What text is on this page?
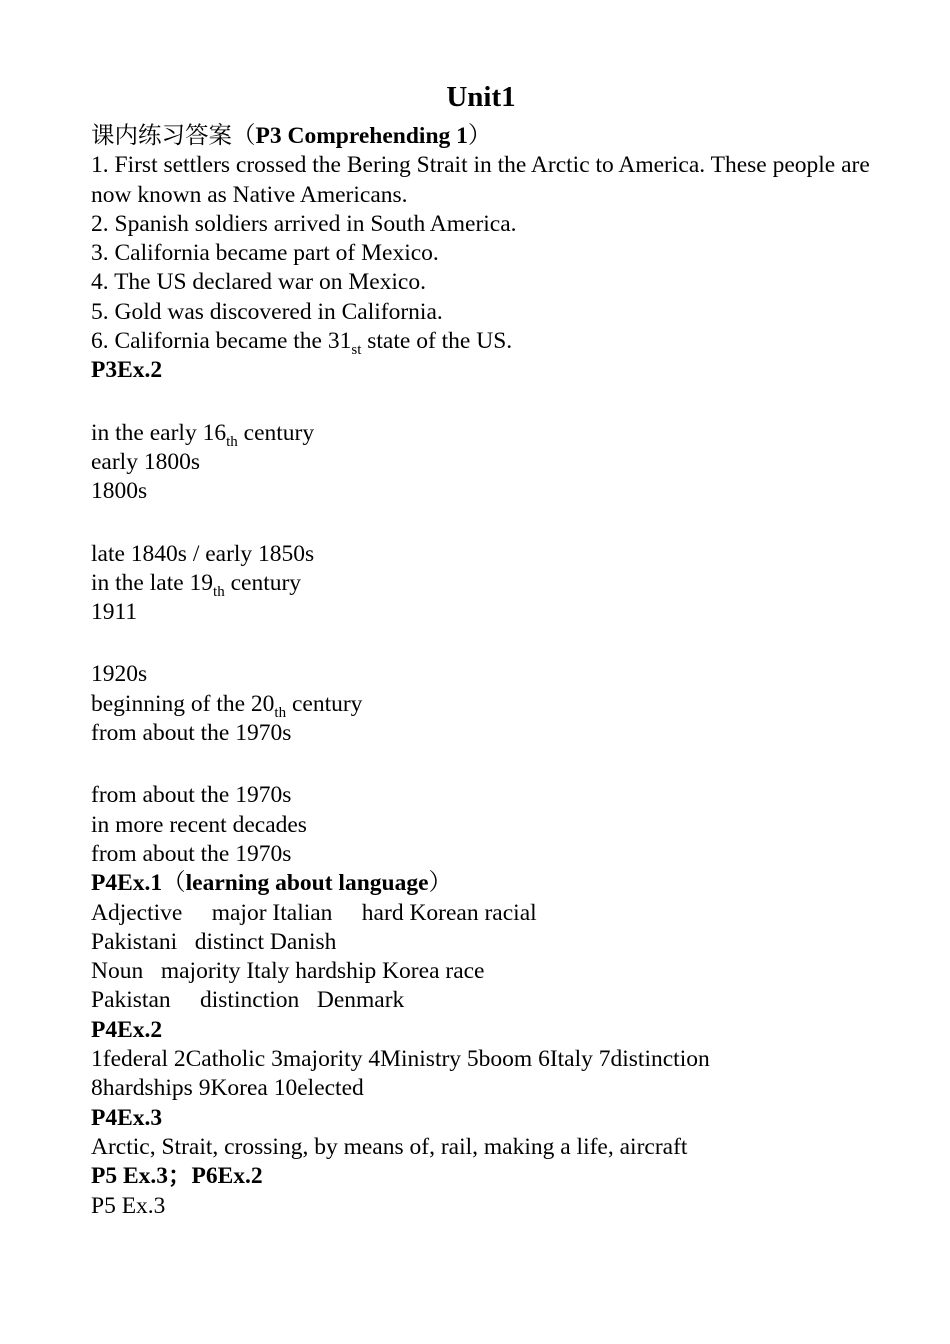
Unit1
课内练习答案（P3 Comprehending 1）
1. First settlers crossed the Bering Strait in the Arctic to America. These people are now known as Native Americans.
2. Spanish soldiers arrived in South America.
3. California became part of Mexico.
4. The US declared war on Mexico.
5. Gold was discovered in California.
6. California became the $31_{st}$ state of the US.
P3Ex.2
in the early $16_{th}$ century
early 1800s
1800s
late 1840s / early 1850s
in the late $19_{th}$ century
1911
1920s
beginning of the $20_{th}$ century
from about the 1970s
from about the 1970s
in more recent decades
from about the 1970s
P4Ex.1（learning about language）
Adjective     major Italian     hard Korean racial
Pakistani   distinct Danish
Noun   majority Italy hardship Korea race
Pakistan     distinction   Denmark
P4Ex.2
1federal 2Catholic 3majority 4Ministry 5boom 6Italy 7distinction
8hardships 9Korea 10elected
P4Ex.3
Arctic, Strait, crossing, by means of, rail, making a life, aircraft
P5 Ex.3；P6Ex.2
P5 Ex.3
